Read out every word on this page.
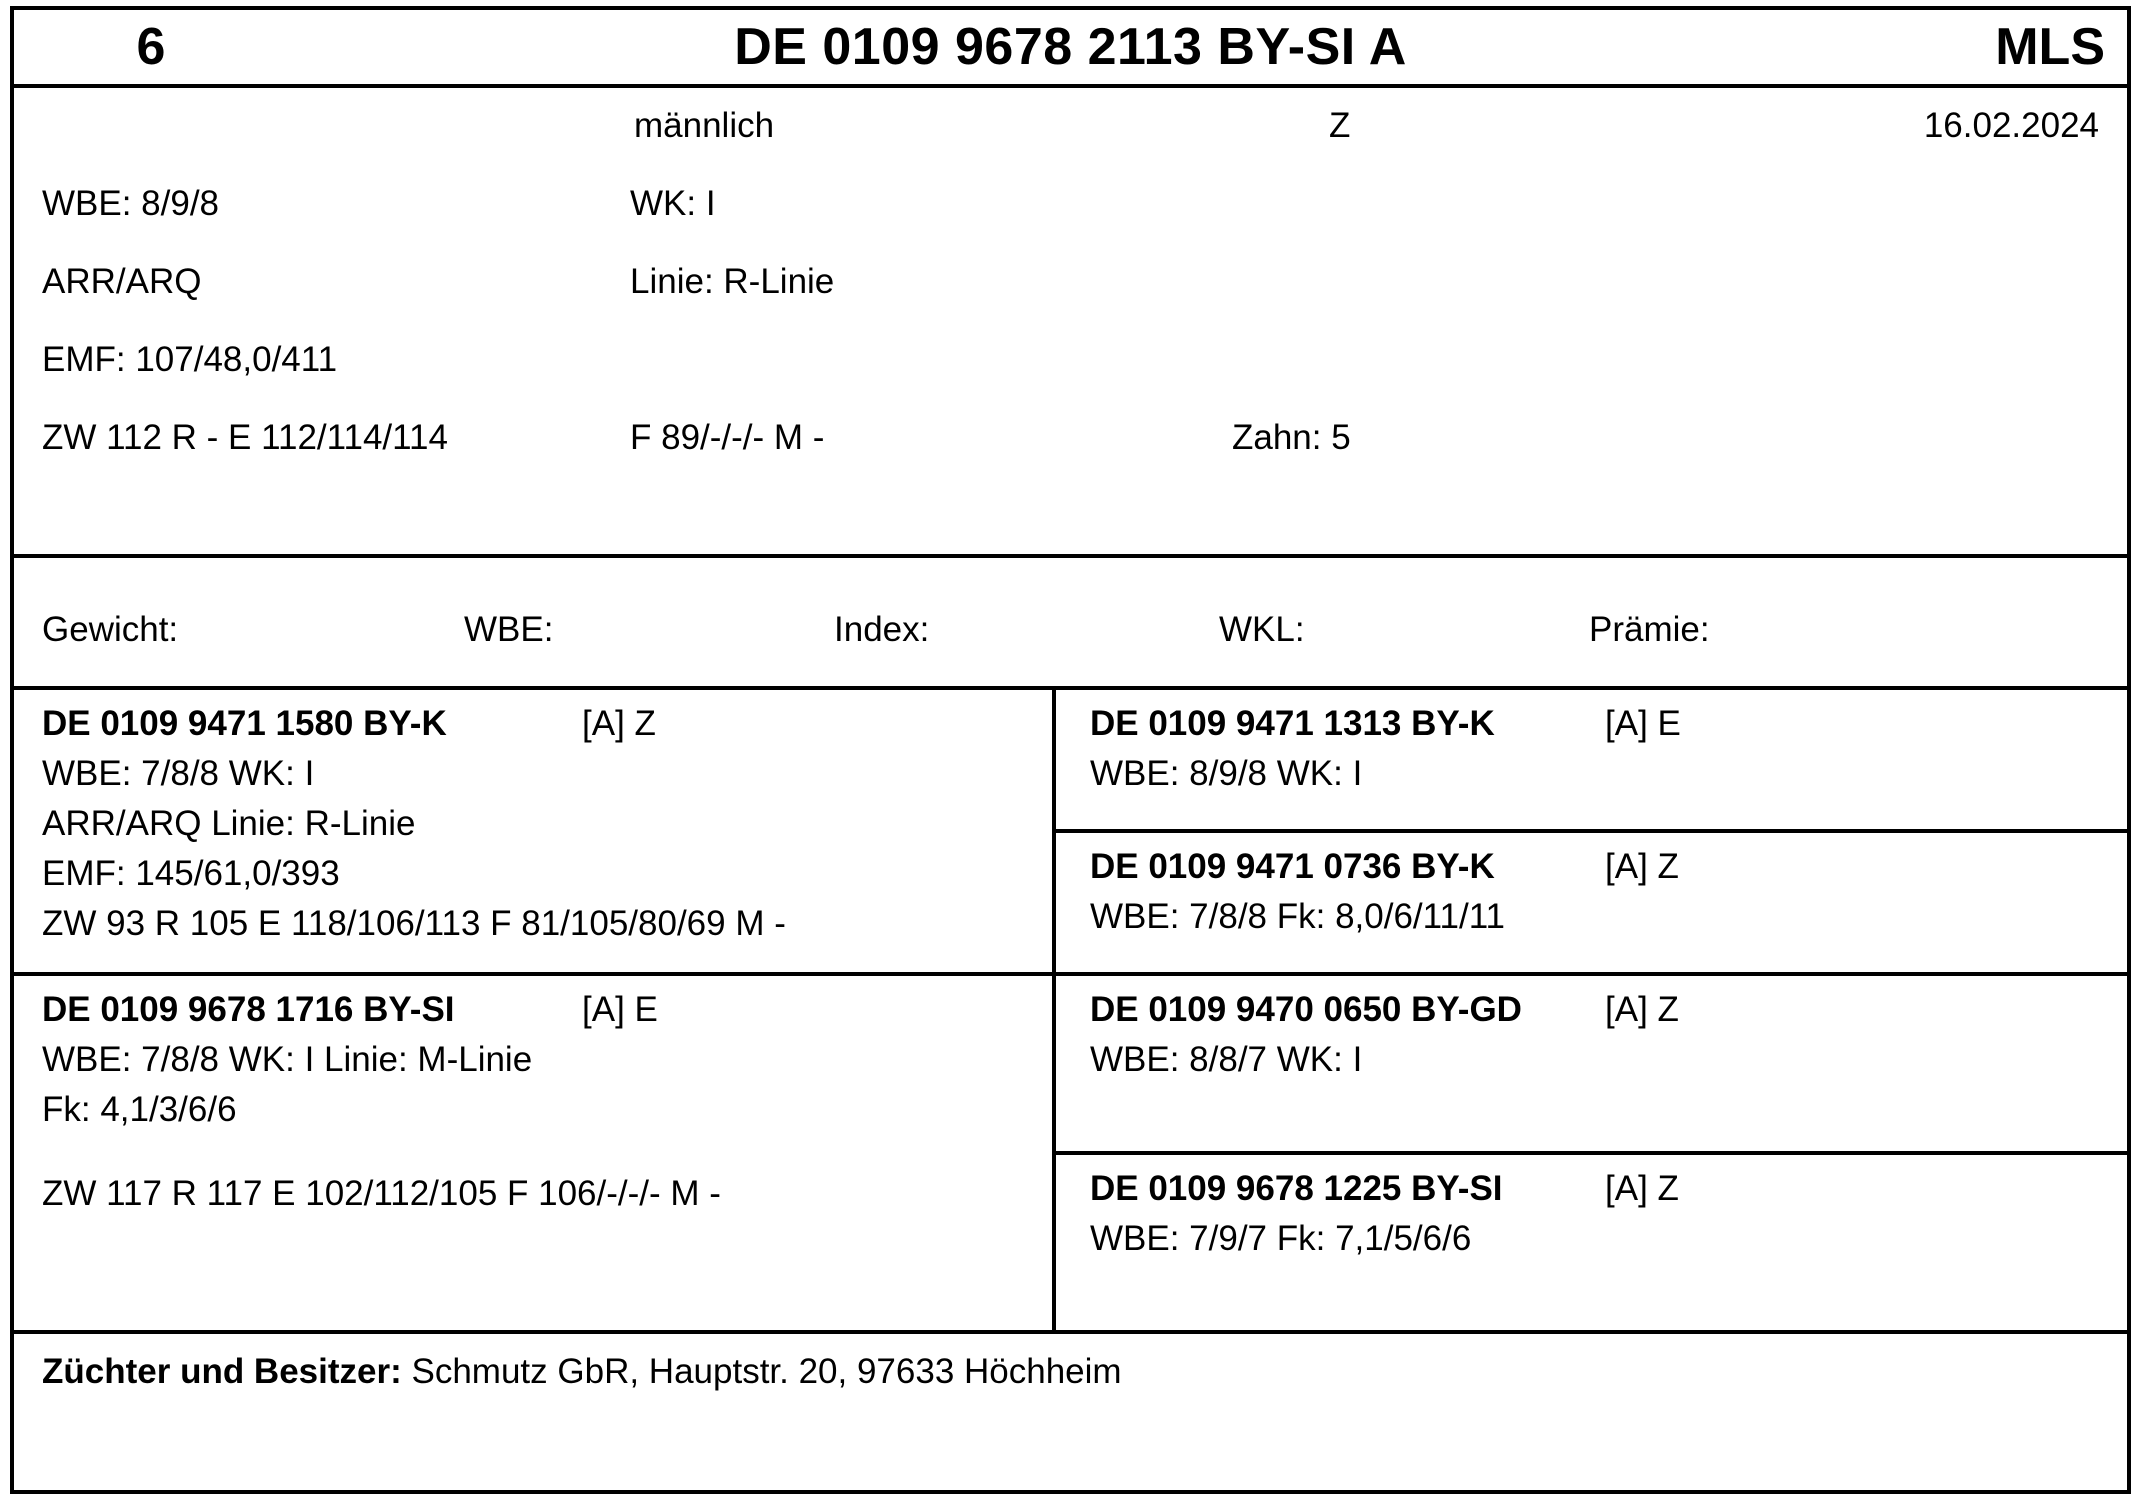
6	DE 0109 9678 2113 BY-SI A	MLS
männlich	Z	16.02.2024
WBE: 8/9/8	WK: I
ARR/ARQ	Linie: R-Linie
EMF: 107/48,0/411
ZW 112 R - E 112/114/114	F 89/-/-/- M -	Zahn: 5
Gewicht:	WBE:	Index:	WKL:	Prämie:
DE 0109 9471 1580 BY-K	[A] Z
WBE: 7/8/8 WK: I
ARR/ARQ Linie: R-Linie
EMF: 145/61,0/393
ZW 93 R 105 E 118/106/113 F 81/105/80/69 M -
DE 0109 9471 1313 BY-K	[A] E
WBE: 8/9/8 WK: I
DE 0109 9471 0736 BY-K	[A] Z
WBE: 7/8/8 Fk: 8,0/6/11/11
DE 0109 9678 1716 BY-SI	[A] E
WBE: 7/8/8 WK: I Linie: M-Linie
Fk: 4,1/3/6/6
ZW 117 R 117 E 102/112/105 F 106/-/-/- M -
DE 0109 9470 0650 BY-GD [A] Z
WBE: 8/8/7 WK: I
DE 0109 9678 1225 BY-SI	[A] Z
WBE: 7/9/7 Fk: 7,1/5/6/6
Züchter und Besitzer: Schmutz GbR, Hauptstr. 20, 97633 Höchheim
